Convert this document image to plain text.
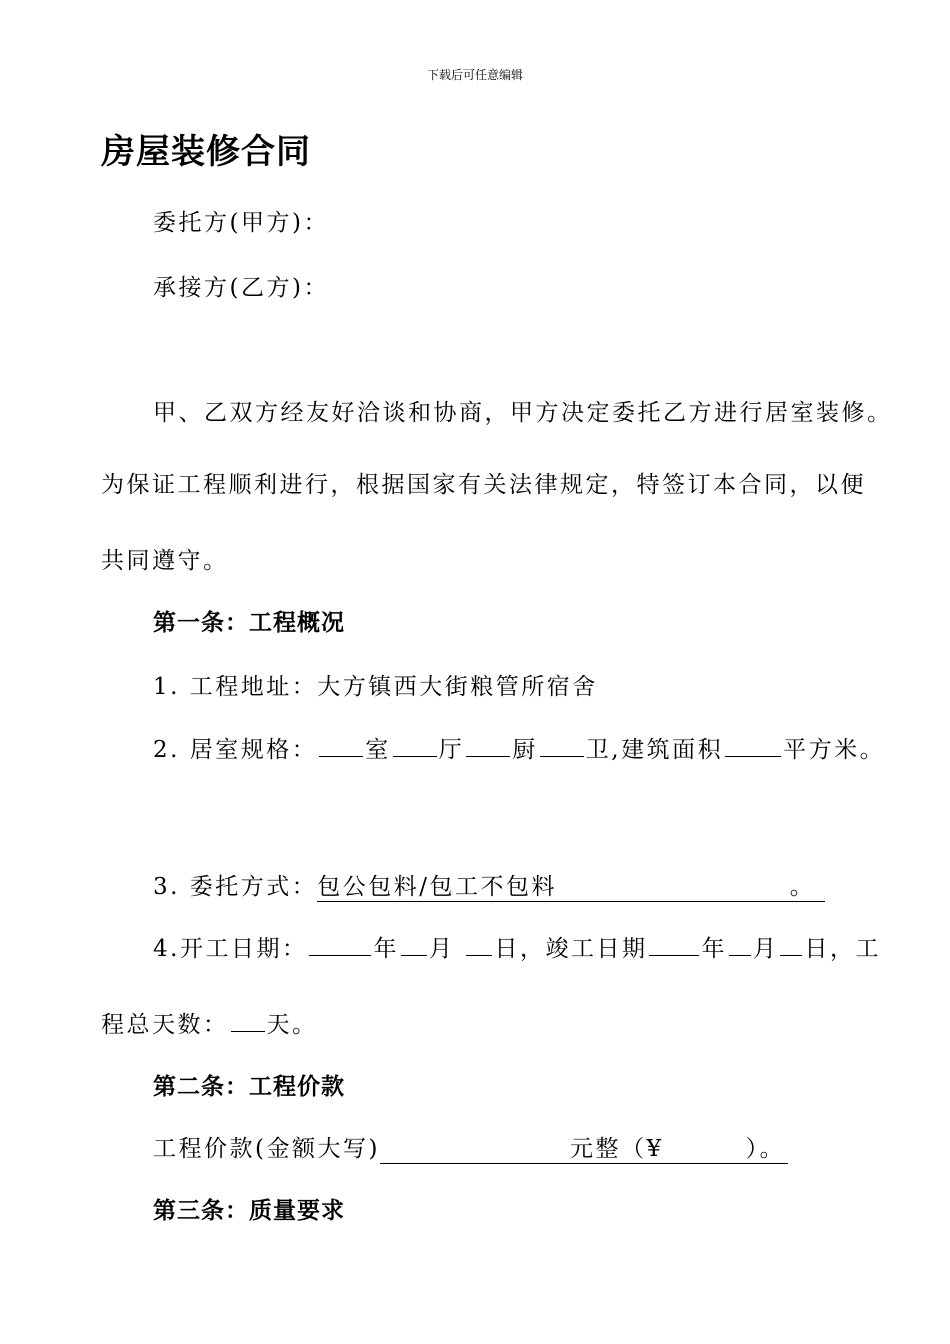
下载后可任意编辑
房屋装修合同
委托方(甲方)：
承接方(乙方)：
甲、乙双方经友好洽谈和协商，甲方决定委托乙方进行居室装修。
为保证工程顺利进行，根据国家有关法律规定，特签订本合同，以便
共同遵守。
第一条：工程概况
1. 工程地址：大方镇西大街粮管所宿舍
2. 居室规格： 室 厅 厨 卫,建筑面积	平方米。
3. 委托方式：包公包料/包工不包料	。
4.开工日期：	年 月 日，竣工日期 年 月 日，工
程总天数： 天。
第二条：工程价款
工程价款(金额大写)	元整（¥	）。
第三条：质量要求
